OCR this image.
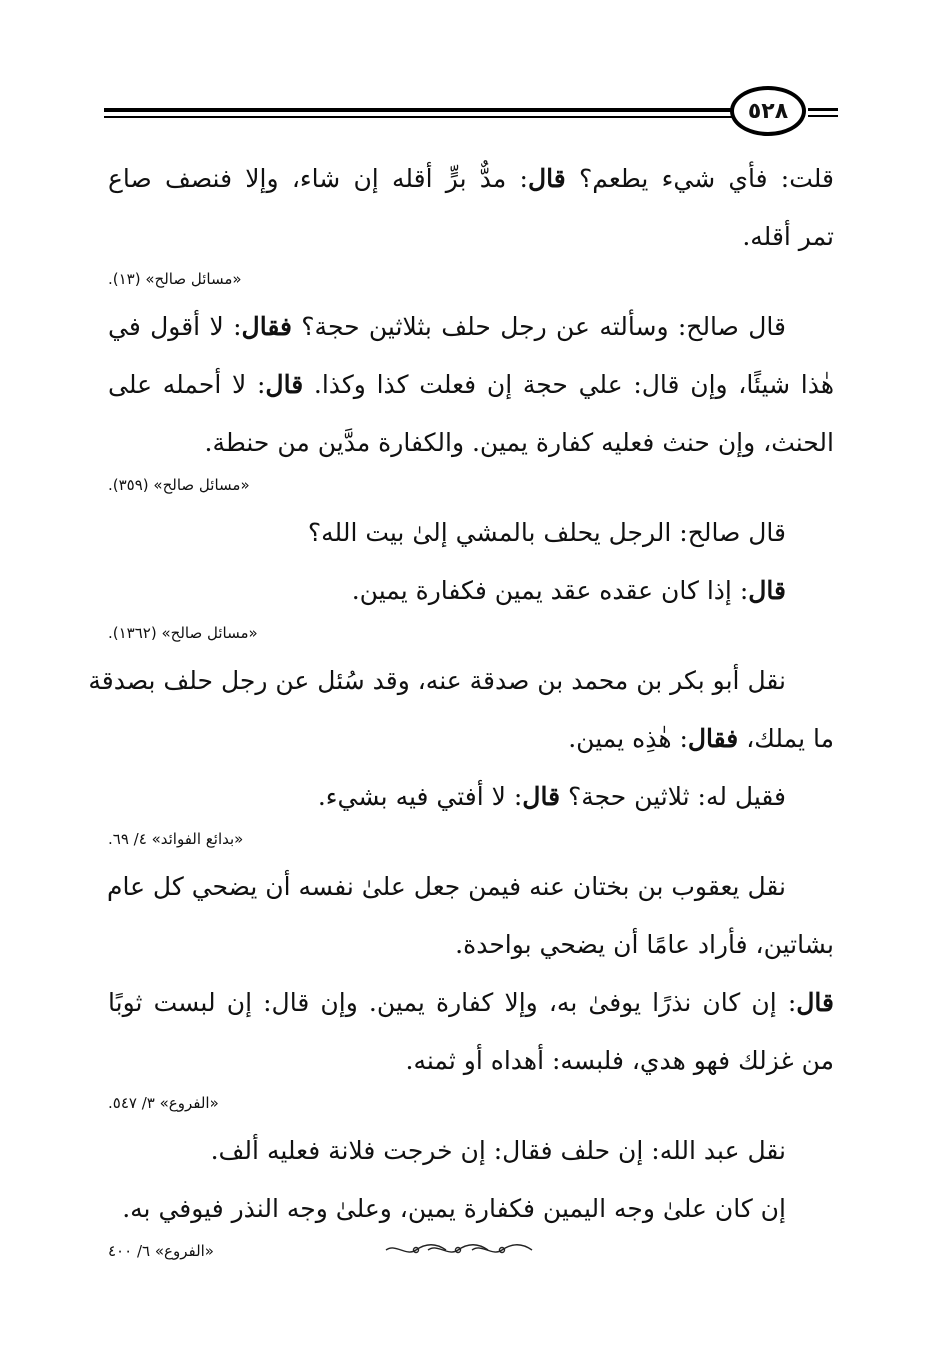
٥٢٨
قلت: فأي شيء يطعم؟ قال: مدٌّ برٍّ أقله إن شاء، وإلا فنصف صاع
تمر أقله.
«مسائل صالح» (١٣).
قال صالح: وسألته عن رجل حلف بثلاثين حجة؟ فقال: لا أقول في
هٰذا شيئًا، وإن قال: علي حجة إن فعلت كذا وكذا. قال: لا أحمله على
الحنث، وإن حنث فعليه كفارة يمين. والكفارة مدَّين من حنطة.
«مسائل صالح» (٣٥٩).
قال صالح: الرجل يحلف بالمشي إلىٰ بيت الله؟
قال: إذا كان عقده عقد يمين فكفارة يمين.
«مسائل صالح» (١٣٦٢).
نقل أبو بكر بن محمد بن صدقة عنه، وقد سُئل عن رجل حلف بصدقة
ما يملك، فقال: هٰذِه يمين.
فقيل له: ثلاثين حجة؟ قال: لا أفتي فيه بشيء.
«بدائع الفوائد» ٤/ ٦٩.
نقل يعقوب بن بختان عنه فيمن جعل علىٰ نفسه أن يضحي كل عام
بشاتين، فأراد عامًا أن يضحي بواحدة.
قال: إن كان نذرًا يوفىٰ به، وإلا كفارة يمين. وإن قال: إن لبست ثوبًا
من غزلك فهو هدي، فلبسه: أهداه أو ثمنه.
«الفروع» ٣/ ٥٤٧.
نقل عبد الله: إن حلف فقال: إن خرجت فلانة فعليه ألف.
إن كان علىٰ وجه اليمين فكفارة يمين، وعلىٰ وجه النذر فيوفي به.
«الفروع» ٦/ ٤٠٠
